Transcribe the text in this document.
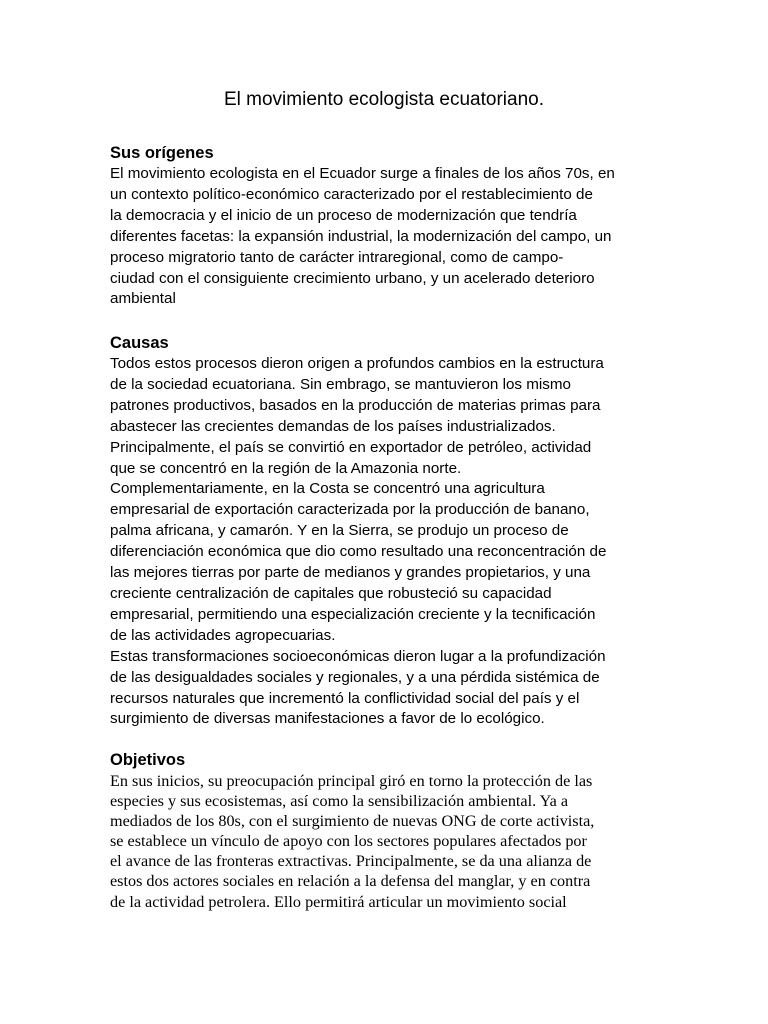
El movimiento ecologista ecuatoriano.
Sus orígenes

El movimiento ecologista en el Ecuador surge a finales de los años 70s, en
un contexto político-económico caracterizado por el restablecimiento de
la democracia y el inicio de un proceso de modernización que tendría
diferentes facetas: la expansión industrial, la modernización del campo, un
proceso migratorio tanto de carácter intraregional, como de campo-
ciudad con el consiguiente crecimiento urbano, y un acelerado deterioro
ambiental

Causas

Todos estos procesos dieron origen a profundos cambios en la estructura
de la sociedad ecuatoriana. Sin embrago, se mantuvieron los mismo
patrones productivos, basados en la producción de materias primas para
abastecer las crecientes demandas de los países industrializados.
Principalmente, el país se convirtió en exportador de petróleo, actividad
que se concentró en la región de la Amazonia norte.
Complementariamente, en la Costa se concentró una agricultura
empresarial de exportación caracterizada por la producción de banano,
palma africana, y camarón. Y en la Sierra, se produjo un proceso de
diferenciación económica que dio como resultado una reconcentración de
las mejores tierras por parte de medianos y grandes propietarios, y una
creciente centralización de capitales que robusteció su capacidad
empresarial, permitiendo una especialización creciente y la tecnificación
de las actividades agropecuarias.

Estas transformaciones socioeconómicas dieron lugar a la profundización
de las desigualdades sociales y regionales, y a una pérdida sistémica de
recursos naturales que incrementó la conflictividad social del país y el
surgimiento de diversas manifestaciones a favor de lo ecológico.

Objetivos

En sus inicios, su preocupación principal giró en torno la protección de las
especies y sus ecosistemas, así como la sensibilización ambiental. Ya a
mediados de los 80s, con el surgimiento de nuevas ONG de corte activista,
se establece un vínculo de apoyo con los sectores populares afectados por
el avance de las fronteras extractivas. Principalmente, se da una alianza de
estos dos actores sociales en relación a la defensa del manglar, y en contra
de la actividad petrolera. Ello permitirá articular un movimiento social
